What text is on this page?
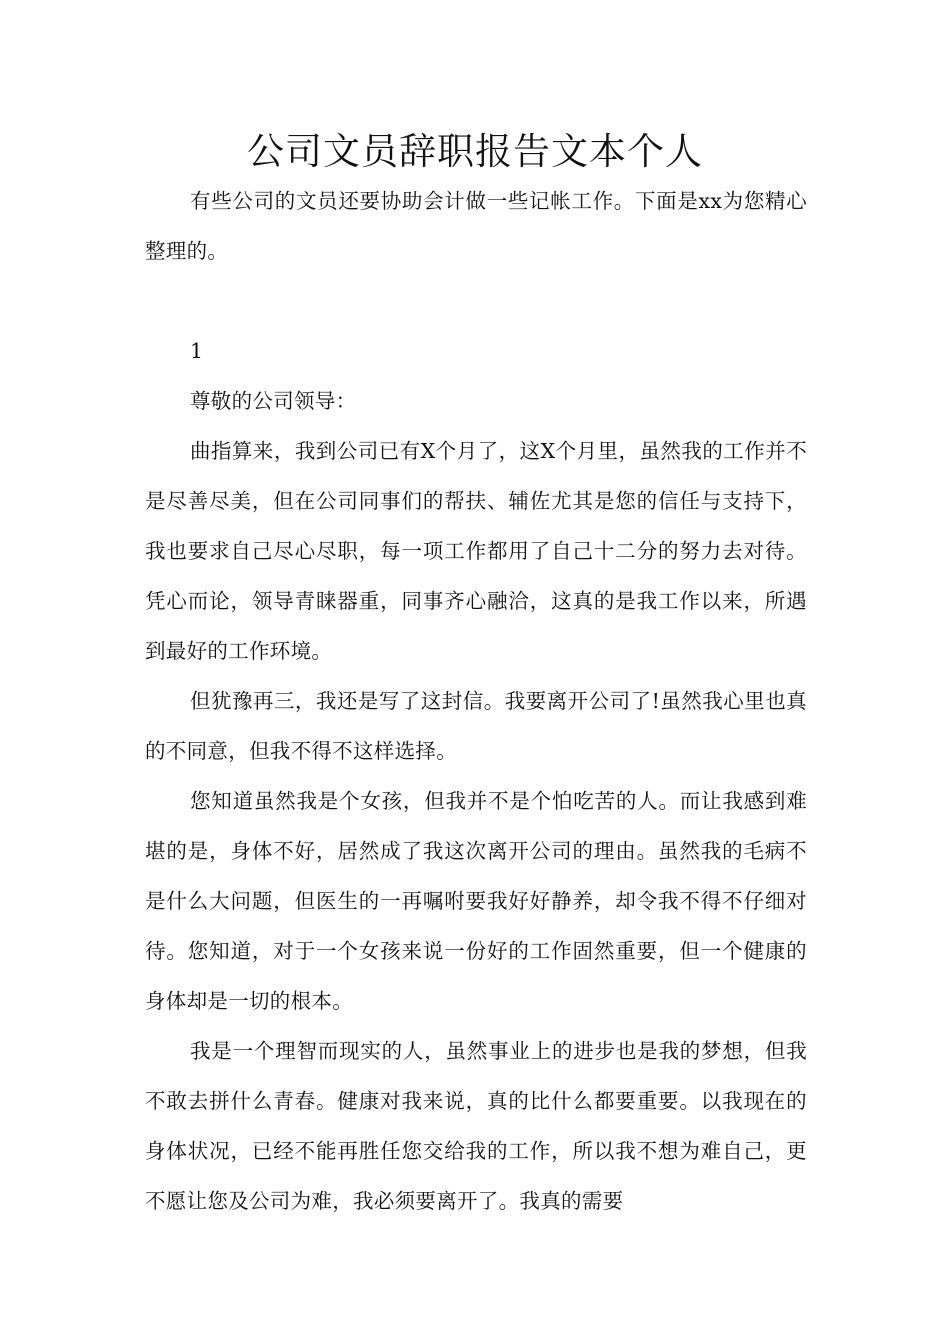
公司文员辞职报告文本个人

有些公司的文员还要协助会计做一些记帐工作。下面是xx为您精心整理的。

1

尊敬的公司领导：

曲指算来，我到公司已有X个月了，这X个月里，虽然我的工作并不是尽善尽美，但在公司同事们的帮扶、辅佐尤其是您的信任与支持下，我也要求自己尽心尽职，每一项工作都用了自己十二分的努力去对待。凭心而论，领导青睐器重，同事齐心融洽，这真的是我工作以来，所遇到最好的工作环境。

但犹豫再三，我还是写了这封信。我要离开公司了!虽然我心里也真的不同意，但我不得不这样选择。

您知道虽然我是个女孩，但我并不是个怕吃苦的人。而让我感到难堪的是，身体不好，居然成了我这次离开公司的理由。虽然我的毛病不是什么大问题，但医生的一再嘱咐要我好好静养，却令我不得不仔细对待。您知道，对于一个女孩来说一份好的工作固然重要，但一个健康的身体却是一切的根本。

我是一个理智而现实的人，虽然事业上的进步也是我的梦想，但我不敢去拼什么青春。健康对我来说，真的比什么都要重要。以我现在的身体状况，已经不能再胜任您交给我的工作，所以我不想为难自己，更不愿让您及公司为难，我必须要离开了。我真的需要
